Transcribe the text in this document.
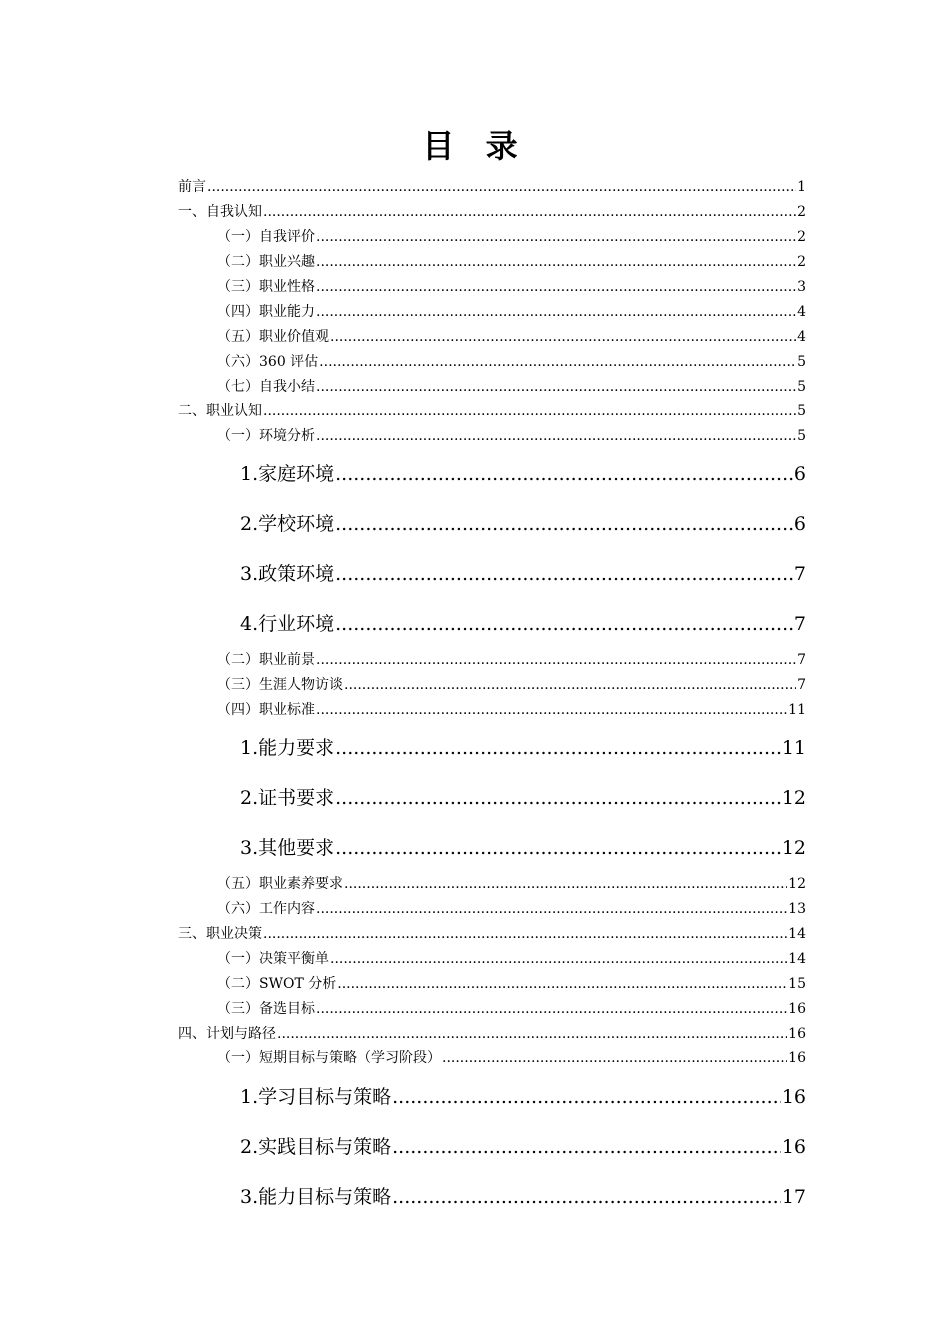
目 录
前言 .....	1
一、自我认知 .....	2
（一）自我评价 .....	2
（二）职业兴趣 .....	2
（三）职业性格 .....	3
（四）职业能力 .....	4
（五）职业价值观 .....	4
（六）360 评估 .....	5
（七）自我小结 .....	5
二、职业认知 .....	5
（一）环境分析 .....	5
1.家庭环境 .....	6
2.学校环境 .....	6
3.政策环境 .....	7
4.行业环境 .....	7
（二）职业前景 .....	7
（三）生涯人物访谈 .....	7
（四）职业标准 .....	11
1.能力要求 .....	11
2.证书要求 .....	12
3.其他要求 .....	12
（五）职业素养要求 .....	12
（六）工作内容 .....	13
三、职业决策 .....	14
（一）决策平衡单 .....	14
（二）SWOT 分析 .....	15
（三）备选目标 .....	16
四、计划与路径 .....	16
（一）短期目标与策略（学习阶段） .....	16
1.学习目标与策略 .....	16
2.实践目标与策略 .....	16
3.能力目标与策略 .....	17
